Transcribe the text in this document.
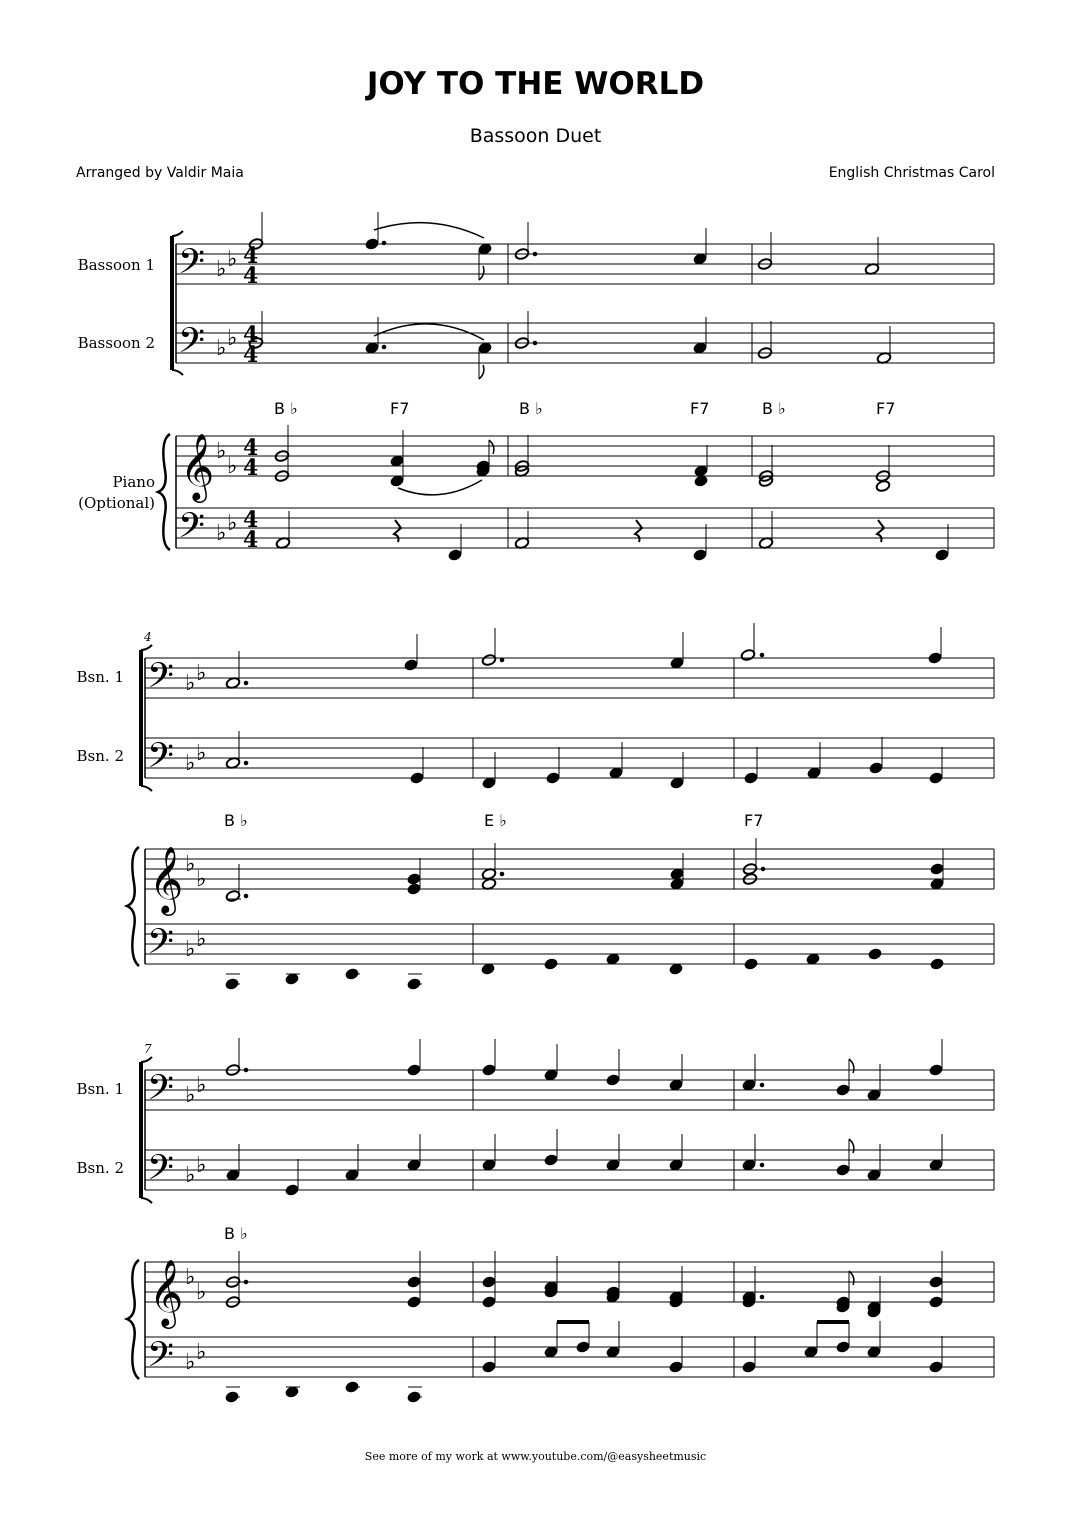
JOY TO THE WORLD
Bassoon Duet
Arranged by Valdir Maia	English Christmas Carol
𝄢
𝄢
𝄞
𝄢
♭ ♭
♭ ♭
♭
♭
♭ ♭
4
4
4
4
4
4
4
4
𝄢
𝄢
𝄞
𝄢
♭ ♭
♭ ♭
♭
♭
♭ ♭
𝄢
𝄢
𝄞
𝄢
♭ ♭
♭ ♭
♭
♭
♭ ♭
Bassoon 1
Bassoon 2
Piano
(Optional)
Bsn. 1
Bsn. 2
Bsn. 1
Bsn. 2
4
7
B ♭	F7	B ♭	F7	B ♭	F7
B ♭	E ♭	F7
B ♭
See more of my work at www.youtube.com/@easysheetmusic
